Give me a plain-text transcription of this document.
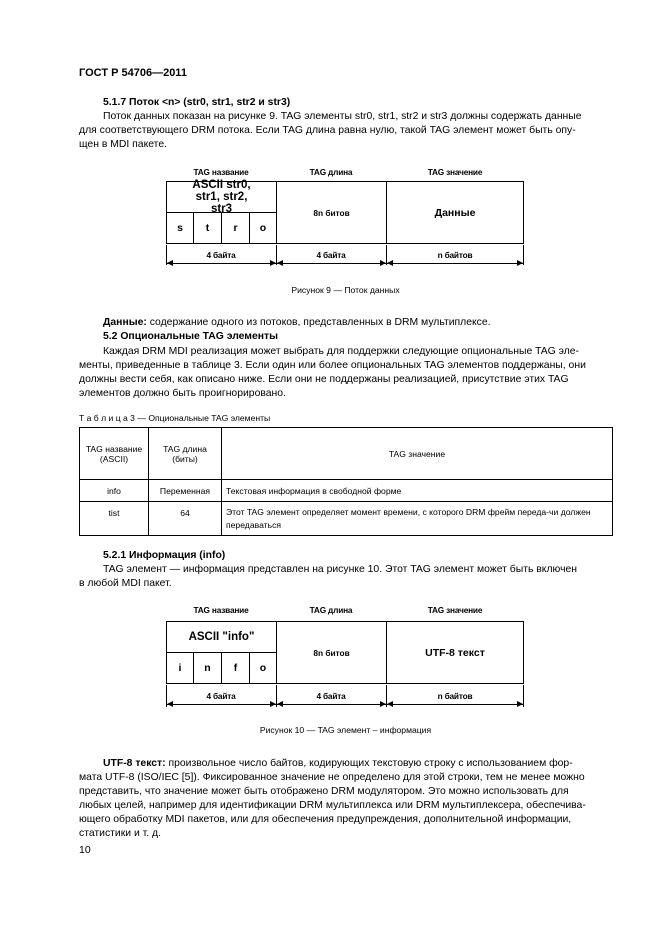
ГОСТ Р 54706—2011
5.1.7 Поток <n> (str0, str1, str2 и str3)
Поток данных показан на рисунке 9. TAG элементы str0, str1, str2 и str3 должны содержать данные
для соответствующего DRM потока. Если TAG длина равна нулю, такой TAG элемент может быть опу-
щен в MDI пакете.
TAG название	TAG длина	TAG значение
ASCII str0, str1, str2, str3
s	t	r	o
8n битов	Данные
4 байта	4 байта	n байтов
Рисунок 9 — Поток данных
Данные: содержание одного из потоков, представленных в DRM мультиплексе.
5.2 Опциональные TAG элементы
Каждая DRM MDI реализация может выбрать для поддержки следующие опциональные TAG эле-
менты, приведенные в таблице 3. Если один или более опциональных TAG элементов поддержаны, они
должны вести себя, как описано ниже. Если они не поддержаны реализацией, присутствие этих TAG
элементов должно быть проигнорировано.
Т а б л и ц а 3 — Опциональные TAG элементы
TAG название (ASCII)	TAG длина (биты)	TAG значение
info	Переменная	Текстовая информация в свободной форме
tist	64	Этот TAG элемент определяет момент времени, с которого DRM фрейм переда-чи должен передаваться
5.2.1 Информация (info)
TAG элемент — информация представлен на рисунке 10. Этот TAG элемент может быть включен
в любой MDI пакет.
TAG название	TAG длина	TAG значение
ASCII "info"
i	n	f	o
8n битов	UTF-8 текст
4 байта	4 байта	n байтов
Рисунок 10 — TAG элемент – информация
UTF-8 текст: произвольное число байтов, кодирующих текстовую строку с использованием фор-
мата UTF-8 (ISO/IEC [5]). Фиксированное значение не определено для этой строки, тем не менее можно
представить, что значение может быть отображено DRM модулятором. Это можно использовать для
любых целей, например для идентификации DRM мультиплекса или DRM мультиплексера, обеспечива-
ющего обработку MDI пакетов, или для обеспечения предупреждения, дополнительной информации,
статистики и т. д.
10
